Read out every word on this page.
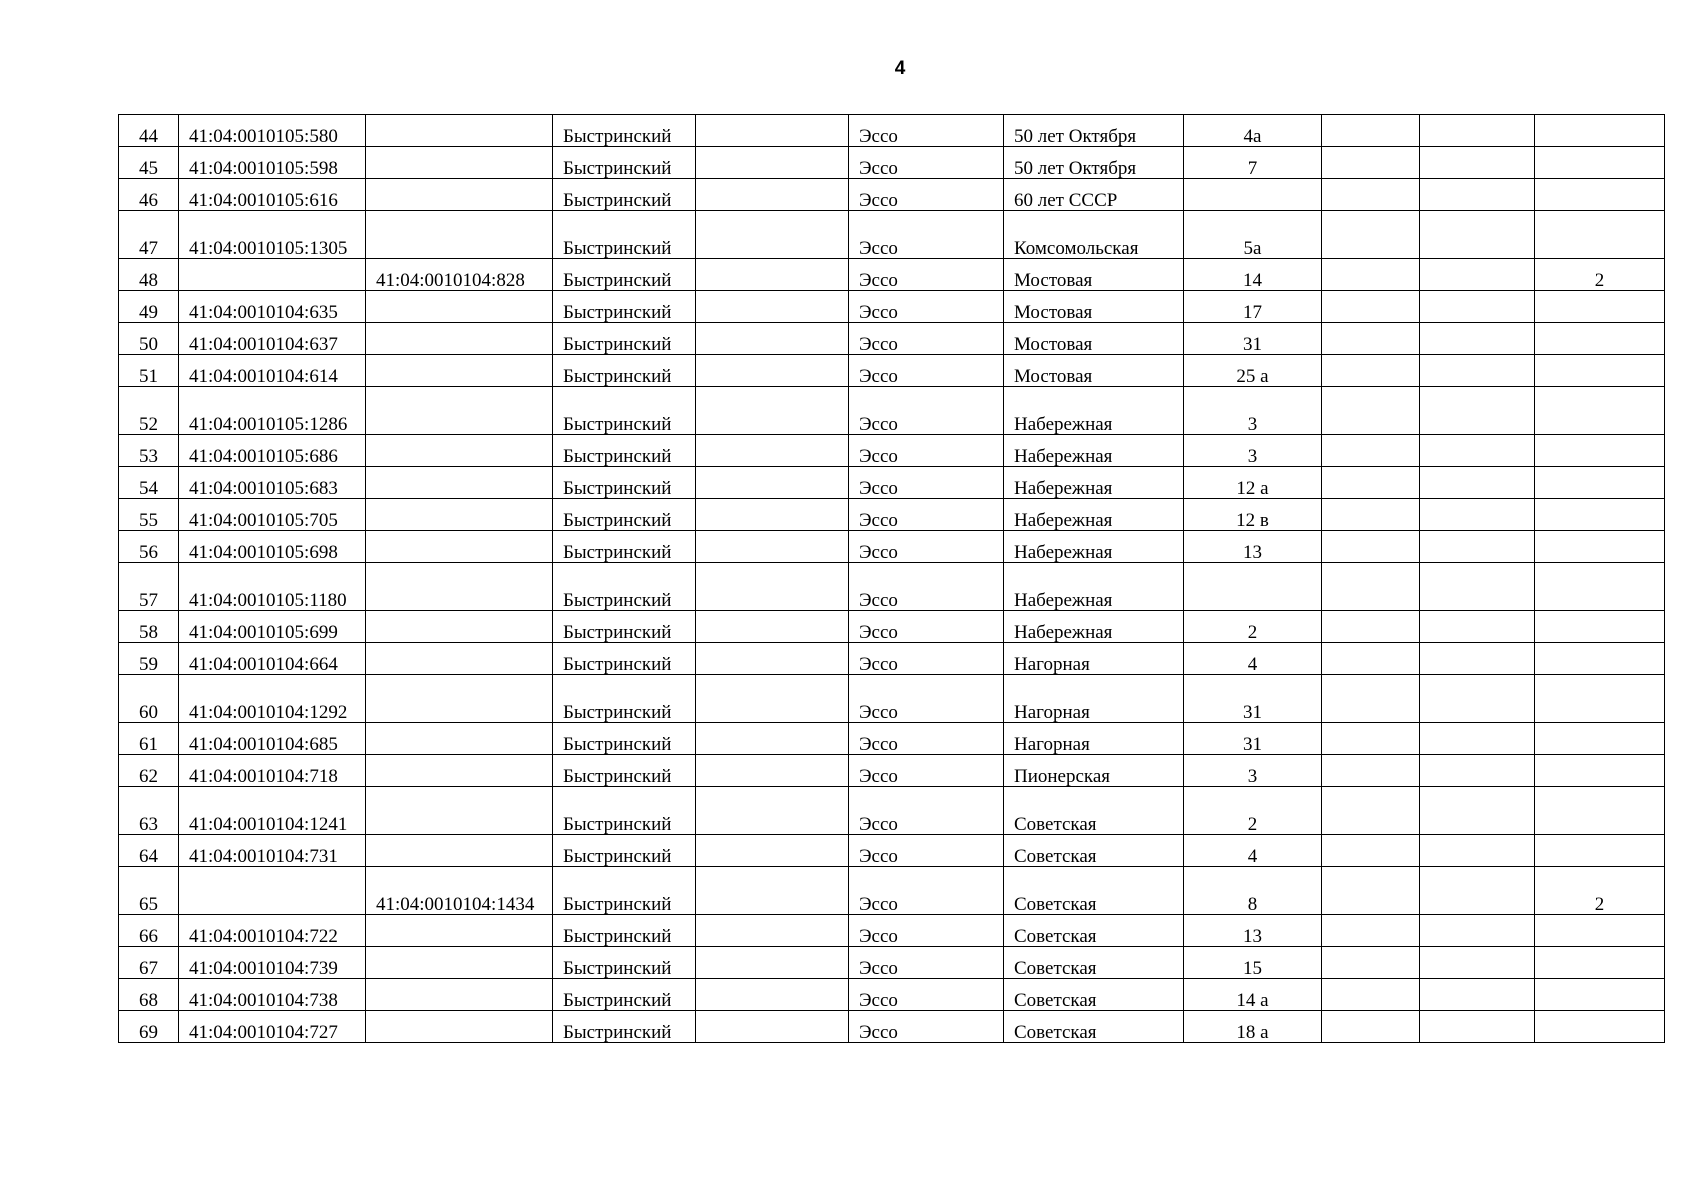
4
44	41:04:0010105:580		Быстринский		Эссо	50 лет Октября	4а			
45	41:04:0010105:598		Быстринский		Эссо	50 лет Октября	7			
46	41:04:0010105:616		Быстринский		Эссо	60 лет СССР				
47	41:04:0010105:1305		Быстринский		Эссо	Комсомольская	5а			
48		41:04:0010104:828	Быстринский		Эссо	Мостовая	14			2
49	41:04:0010104:635		Быстринский		Эссо	Мостовая	17			
50	41:04:0010104:637		Быстринский		Эссо	Мостовая	31			
51	41:04:0010104:614		Быстринский		Эссо	Мостовая	25 а			
52	41:04:0010105:1286		Быстринский		Эссо	Набережная	3			
53	41:04:0010105:686		Быстринский		Эссо	Набережная	3			
54	41:04:0010105:683		Быстринский		Эссо	Набережная	12 а			
55	41:04:0010105:705		Быстринский		Эссо	Набережная	12 в			
56	41:04:0010105:698		Быстринский		Эссо	Набережная	13			
57	41:04:0010105:1180		Быстринский		Эссо	Набережная				
58	41:04:0010105:699		Быстринский		Эссо	Набережная	2			
59	41:04:0010104:664		Быстринский		Эссо	Нагорная	4			
60	41:04:0010104:1292		Быстринский		Эссо	Нагорная	31			
61	41:04:0010104:685		Быстринский		Эссо	Нагорная	31			
62	41:04:0010104:718		Быстринский		Эссо	Пионерская	3			
63	41:04:0010104:1241		Быстринский		Эссо	Советская	2			
64	41:04:0010104:731		Быстринский		Эссо	Советская	4			
65		41:04:0010104:1434	Быстринский		Эссо	Советская	8			2
66	41:04:0010104:722		Быстринский		Эссо	Советская	13			
67	41:04:0010104:739		Быстринский		Эссо	Советская	15			
68	41:04:0010104:738		Быстринский		Эссо	Советская	14 а			
69	41:04:0010104:727		Быстринский		Эссо	Советская	18 а			
